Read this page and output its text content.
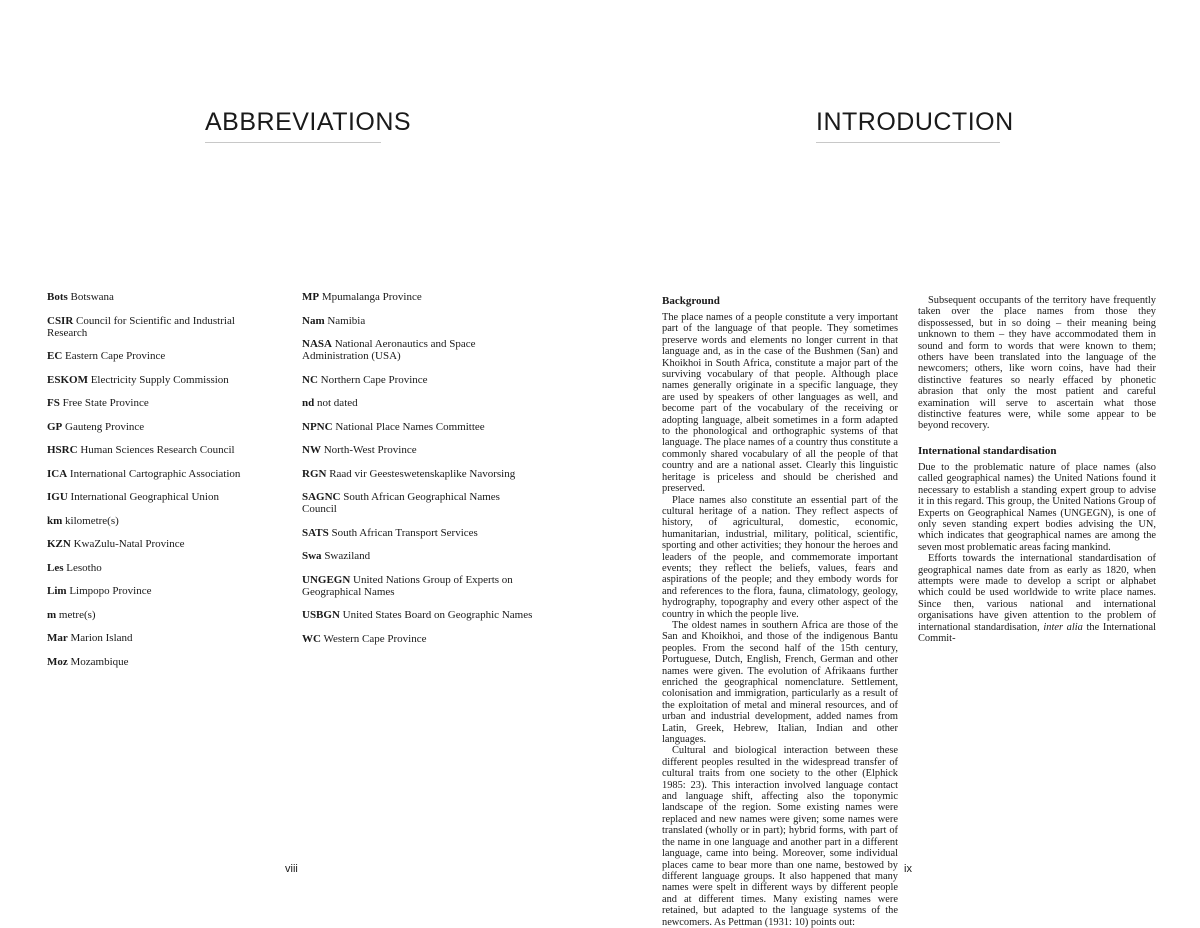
ABBREVIATIONS
Bots Botswana
CSIR Council for Scientific and Industrial Research
EC Eastern Cape Province
ESKOM Electricity Supply Commission
FS Free State Province
GP Gauteng Province
HSRC Human Sciences Research Council
ICA International Cartographic Association
IGU International Geographical Union
km kilometre(s)
KZN KwaZulu-Natal Province
Les Lesotho
Lim Limpopo Province
m metre(s)
Mar Marion Island
Moz Mozambique
MP Mpumalanga Province
Nam Namibia
NASA National Aeronautics and Space Administration (USA)
NC Northern Cape Province
nd not dated
NPNC National Place Names Committee
NW North-West Province
RGN Raad vir Geesteswetenskaplike Navorsing
SAGNC South African Geographical Names Council
SATS South African Transport Services
Swa Swaziland
UNGEGN United Nations Group of Experts on Geographical Names
USBGN United States Board on Geographic Names
WC Western Cape Province
viii
INTRODUCTION
Background

The place names of a people constitute a very important part of the language of that people. They sometimes preserve words and elements no longer current in that language and, as in the case of the Bushmen (San) and Khoikhoi in South Africa, constitute a major part of the surviving vocabulary of that people. Although place names generally originate in a specific language, they are used by speakers of other languages as well, and become part of the vocabulary of the receiving or adopting language, albeit sometimes in a form adapted to the phonological and orthographic systems of that language. The place names of a country thus constitute a commonly shared vocabulary of all the people of that country and are a national asset. Clearly this linguistic heritage is priceless and should be cherished and preserved.

Place names also constitute an essential part of the cultural heritage of a nation. They reflect aspects of history, of agricultural, domestic, economic, humanitarian, industrial, military, political, scientific, sporting and other activities; they honour the heroes and leaders of the people, and commemorate important events; they reflect the beliefs, values, fears and aspirations of the people; and they embody words for and references to the flora, fauna, climatology, geology, hydrography, topography and every other aspect of the country in which the people live.

The oldest names in southern Africa are those of the San and Khoikhoi, and those of the indigenous Bantu peoples. From the second half of the 15th century, Portuguese, Dutch, English, French, German and other names were given. The evolution of Afrikaans further enriched the geographical nomenclature. Settlement, colonisation and immigration, particularly as a result of the exploitation of metal and mineral resources, and of urban and industrial development, added names from Latin, Greek, Hebrew, Italian, Indian and other languages.

Cultural and biological interaction between these different peoples resulted in the widespread transfer of cultural traits from one society to the other (Elphick 1985: 23). This interaction involved language contact and language shift, affecting also the toponymic landscape of the region. Some existing names were replaced and new names were given; some names were translated (wholly or in part); hybrid forms, with part of the name in one language and another part in a different language, came into being. Moreover, some individual places came to bear more than one name, bestowed by different language groups. It also happened that many names were spelt in different ways by different people and at different times. Many existing names were retained, but adapted to the language systems of the newcomers. As Pettman (1931: 10) points out:

Subsequent occupants of the territory have frequently taken over the place names from those they dispossessed, but in so doing – their meaning being unknown to them – they have accommodated them in sound and form to words that were known to them; others have been translated into the language of the newcomers; others, like worn coins, have had their distinctive features so nearly effaced by phonetic abrasion that only the most patient and careful examination will serve to ascertain what those distinctive features were, while some appear to be beyond recovery.

International standardisation

Due to the problematic nature of place names (also called geographical names) the United Nations found it necessary to establish a standing expert group to advise it in this regard. This group, the United Nations Group of Experts on Geographical Names (UNGEGN), is one of only seven standing expert bodies advising the UN, which indicates that geographical names are among the seven most problematic areas facing mankind.

Efforts towards the international standardisation of geographical names date from as early as 1820, when attempts were made to develop a script or alphabet which could be used worldwide to write place names. Since then, various national and international organisations have given attention to the problem of international standardisation, inter alia the International Commit-

ix
